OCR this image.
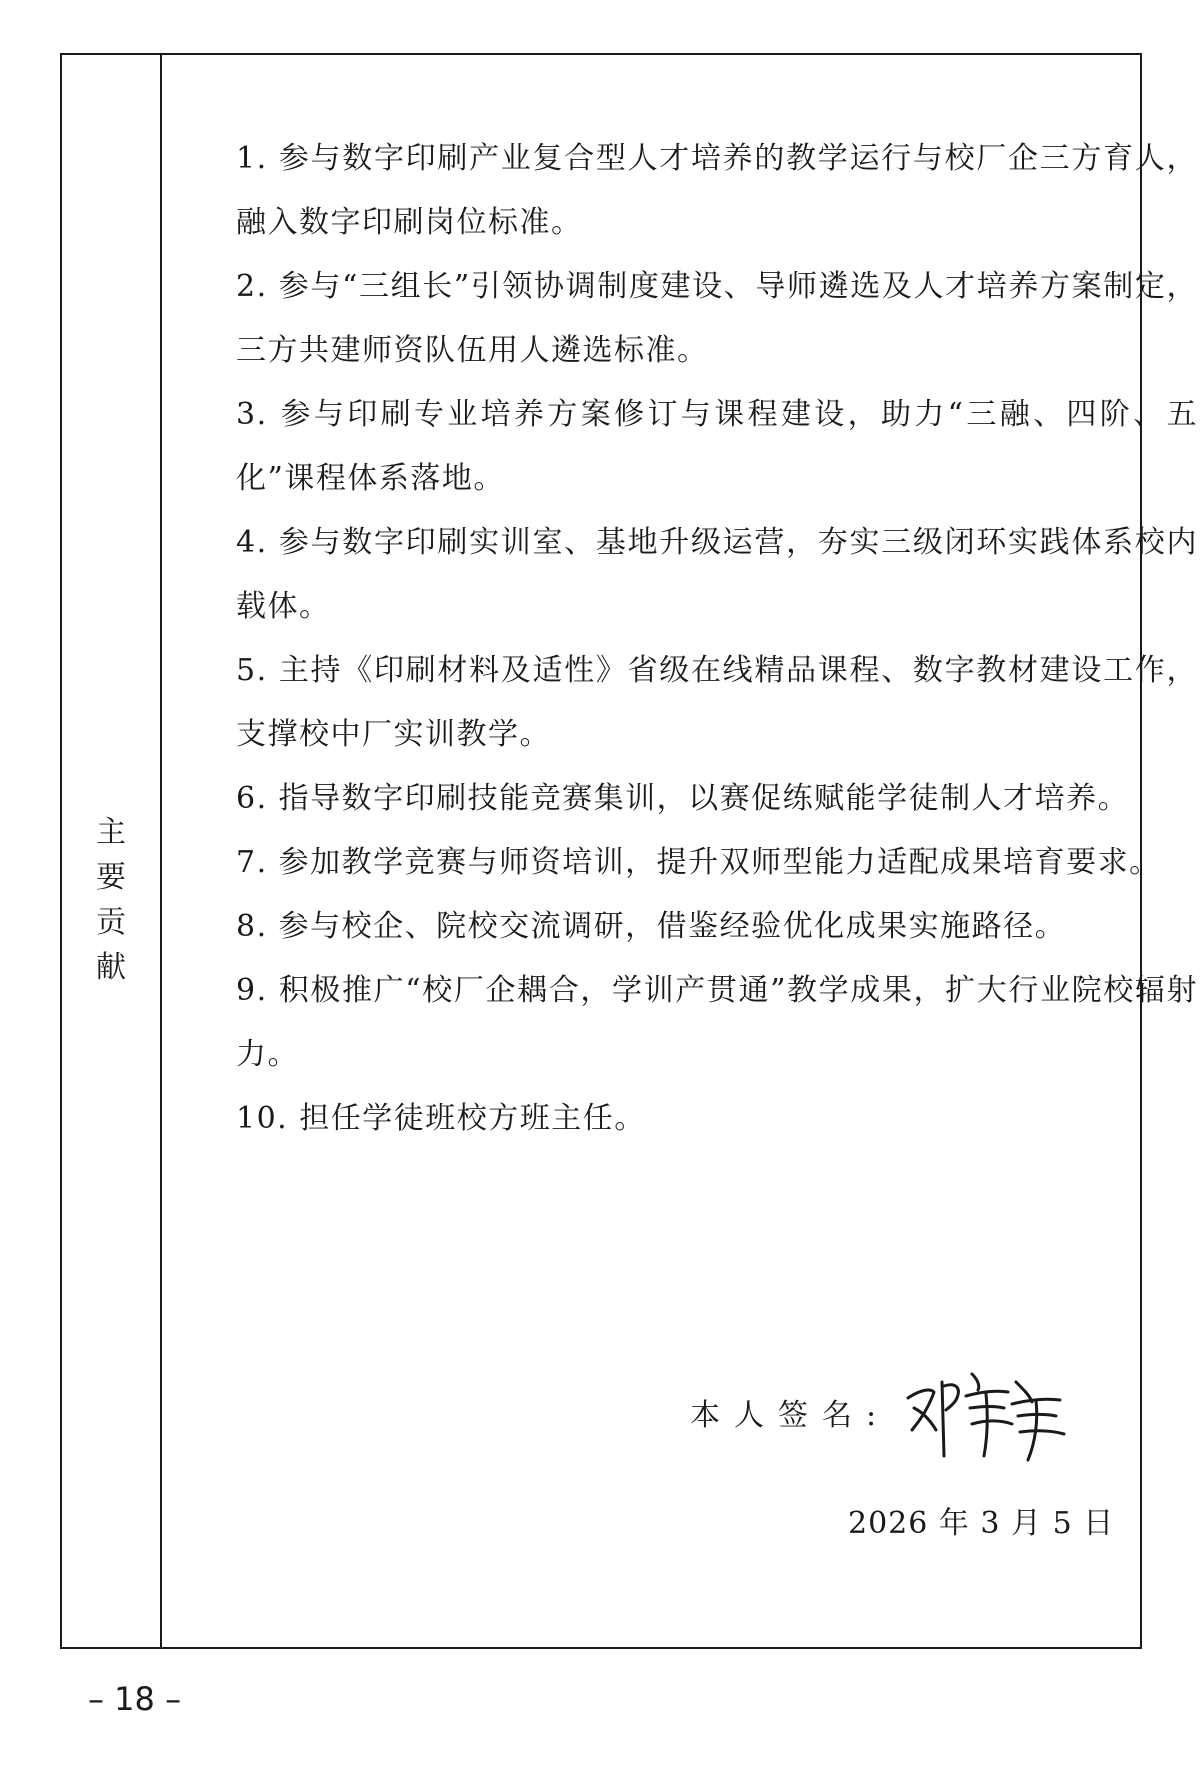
主
要
贡
献

1. 参与数字印刷产业复合型人才培养的教学运行与校厂企三方育人，融入数字印刷岗位标准。

2. 参与“三组长”引领协调制度建设、导师遴选及人才培养方案制定，三方共建师资队伍用人遴选标准。

3. 参与印刷专业培养方案修订与课程建设，助力“三融、四阶、五化”课程体系落地。

4. 参与数字印刷实训室、基地升级运营，夯实三级闭环实践体系校内载体。

5. 主持《印刷材料及适性》省级在线精品课程、数字教材建设工作，支撑校中厂实训教学。

6. 指导数字印刷技能竞赛集训，以赛促练赋能学徒制人才培养。

7. 参加教学竞赛与师资培训，提升双师型能力适配成果培育要求。

8. 参与校企、院校交流调研，借鉴经验优化成果实施路径。

9. 积极推广“校厂企耦合，学训产贯通”教学成果，扩大行业院校辐射力。

10. 担任学徒班校方班主任。

本人签名:
2026 年 3 月 5 日
– 18 –
